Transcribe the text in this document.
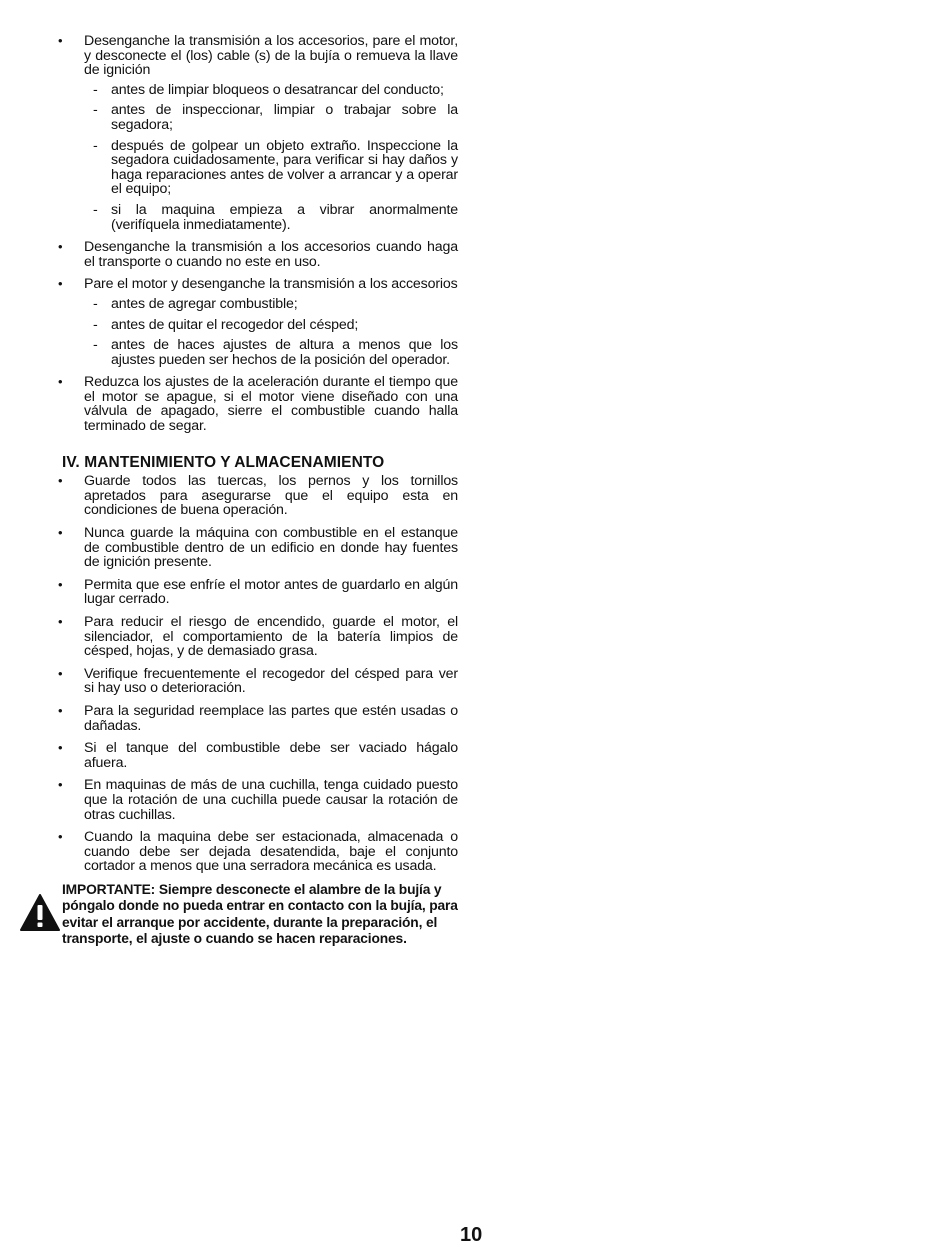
• Desenganche la transmisión a los accesorios, pare el motor, y desconecte el (los) cable (s) de la bujía o remueva la llave de ignición
- antes de limpiar bloqueos o desatrancar del conducto;
- antes de inspeccionar, limpiar o trabajar sobre la segadora;
- después de golpear un objeto extraño. Inspeccione la segadora cuidadosamente, para verificar si hay daños y haga reparaciones antes de volver a arrancar y a operar el equipo;
- si la maquina empieza a vibrar anormalmente (verifíquela inmediatamente).
• Desenganche la transmisión a los accesorios cuando haga el transporte o cuando no este en uso.
• Pare el motor y desenganche la transmisión a los accesorios
- antes de agregar combustible;
- antes de quitar el recogedor del césped;
- antes de haces ajustes de altura a menos que los ajustes pueden ser hechos de la posición del operador.
• Reduzca los ajustes de la aceleración durante el tiempo que el motor se apague, si el motor viene diseñado con una válvula de apagado, sierre el combustible cuando halla terminado de segar.
IV. MANTENIMIENTO Y ALMACENAMIENTO
• Guarde todos las tuercas, los pernos y los tornillos apretados para asegurarse que el equipo esta en condiciones de buena operación.
• Nunca guarde la máquina con combustible en el estanque de combustible dentro de un edificio en donde hay fuentes de ignición presente.
• Permita que ese enfríe el motor antes de guardarlo en algún lugar cerrado.
• Para reducir el riesgo de encendido, guarde el motor, el silenciador, el comportamiento de la batería limpios de césped, hojas, y de demasiado grasa.
• Verifique frecuentemente el recogedor del césped para ver si hay uso o deterioración.
• Para la seguridad reemplace las partes que estén usadas o dañadas.
• Si el tanque del combustible debe ser vaciado hágalo afuera.
• En maquinas de más de una cuchilla, tenga cuidado puesto que la rotación de una cuchilla puede causar la rotación de otras cuchillas.
• Cuando la maquina debe ser estacionada, almacenada o cuando debe ser dejada desatendida, baje el conjunto cortador a menos que una serradora mecánica es usada.
IMPORTANTE: Siempre desconecte el alambre de la bujía y póngalo donde no pueda entrar en contacto con la bujía, para evitar el arranque por accidente, durante la preparación, el transporte, el ajuste o cuando se hacen reparaciones.
10
